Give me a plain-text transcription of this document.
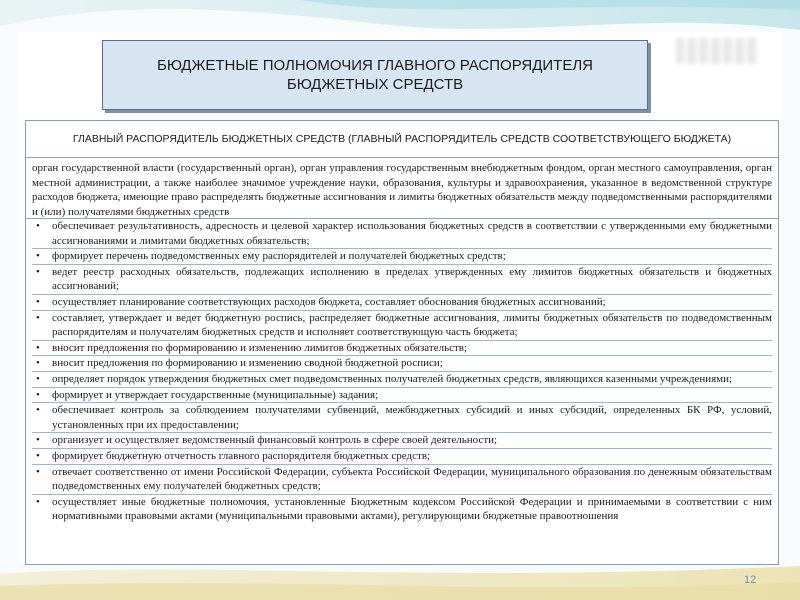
БЮДЖЕТНЫЕ ПОЛНОМОЧИЯ ГЛАВНОГО РАСПОРЯДИТЕЛЯ БЮДЖЕТНЫХ СРЕДСТВ
ГЛАВНЫЙ РАСПОРЯДИТЕЛЬ БЮДЖЕТНЫХ СРЕДСТВ (ГЛАВНЫЙ РАСПОРЯДИТЕЛЬ СРЕДСТВ СООТВЕТСТВУЮЩЕГО БЮДЖЕТА)
орган государственной власти (государственный орган), орган управления государственным внебюджетным фондом, орган местного самоуправления, орган местной администрации, а также наиболее значимое учреждение науки, образования, культуры и здравоохранения, указанное в ведомственной структуре расходов бюджета, имеющие право распределять бюджетные ассигнования и лимиты бюджетных обязательств между подведомственными распорядителями и (или) получателями бюджетных средств
• обеспечивает результативность, адресность и целевой характер использования бюджетных средств в соответствии с утвержденными ему бюджетными ассигнованиями и лимитами бюджетных обязательств;
• формирует перечень подведомственных ему распорядителей и получателей бюджетных средств;
• ведет реестр расходных обязательств, подлежащих исполнению в пределах утвержденных ему лимитов бюджетных обязательств и бюджетных ассигнований;
• осуществляет планирование соответствующих расходов бюджета, составляет обоснования бюджетных ассигнований;
• составляет, утверждает и ведет бюджетную роспись, распределяет бюджетные ассигнования, лимиты бюджетных обязательств по подведомственным распорядителям и получателям бюджетных средств и исполняет соответствующую часть бюджета;
• вносит предложения по формированию и изменению лимитов бюджетных обязательств;
• вносит предложения по формированию и изменению сводной бюджетной росписи;
• определяет порядок утверждения бюджетных смет подведомственных получателей бюджетных средств, являющихся казенными учреждениями;
• формирует и утверждает государственные (муниципальные) задания;
• обеспечивает контроль за соблюдением получателями субвенций, межбюджетных субсидий и иных субсидий, определенных БК РФ, условий, установленных при их предоставлении;
• организует и осуществляет ведомственный финансовый контроль в сфере своей деятельности;
• формирует бюджетную отчетность главного распорядителя бюджетных средств;
• отвечает соответственно от имени Российской Федерации, субъекта Российской Федерации, муниципального образования по денежным обязательствам подведомственных ему получателей бюджетных средств;
• осуществляет иные бюджетные полномочия, установленные Бюджетным кодексом Российской Федерации и принимаемыми в соответствии с ним нормативными правовыми актами (муниципальными правовыми актами), регулирующими бюджетные правоотношения
12
